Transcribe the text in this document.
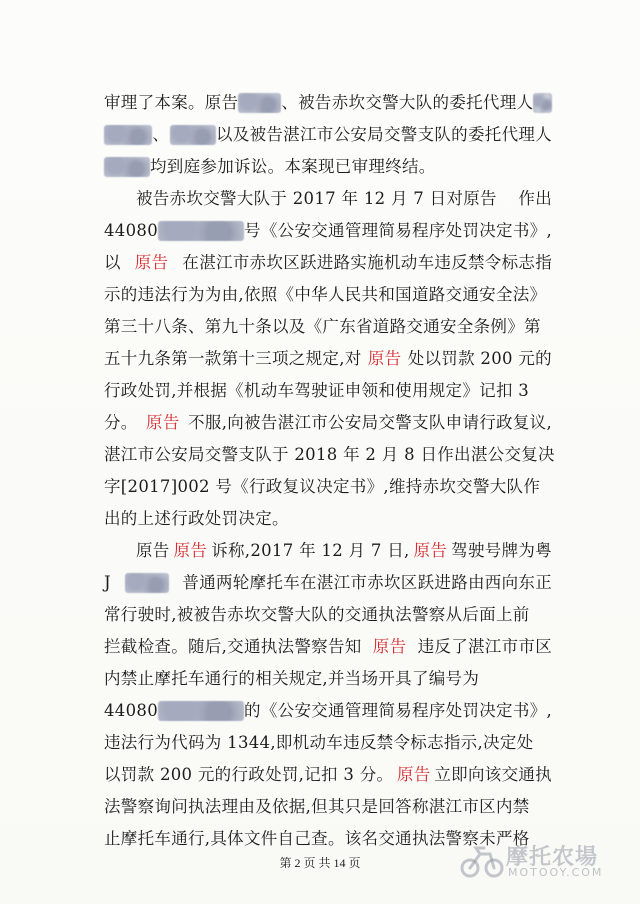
审理了本案。原告	、被告赤坎交警大队的委托代理人
、	以及被告湛江市公安局交警支队的委托代理人
均到庭参加诉讼。本案现已审理终结。
被告赤坎交警大队于 2017 年 12 月 7 日对原告 作出
44080	号《公安交通管理简易程序处罚决定书》,
以 原告 在湛江市赤坎区跃进路实施机动车违反禁令标志指
示的违法行为为由,依照《中华人民共和国道路交通安全法》
第三十八条、第九十条以及《广东省道路交通安全条例》第
五十九条第一款第十三项之规定,对 原告 处以罚款 200 元的
行政处罚,并根据《机动车驾驶证申领和使用规定》记扣 3
分。 原告 不服,向被告湛江市公安局交警支队申请行政复议,
湛江市公安局交警支队于 2018 年 2 月 8 日作出湛公交复决
字[2017]002 号《行政复议决定书》,维持赤坎交警大队作
出的上述行政处罚决定。
原告 原告 诉称,2017 年 12 月 7 日, 原告 驾驶号牌为粤
J	普通两轮摩托车在湛江市赤坎区跃进路由西向东正
常行驶时,被被告赤坎交警大队的交通执法警察从后面上前
拦截检查。随后,交通执法警察告知 原告 违反了湛江市市区
内禁止摩托车通行的相关规定,并当场开具了编号为
44080	的《公安交通管理简易程序处罚决定书》,
违法行为代码为 1344,即机动车违反禁令标志指示,决定处
以罚款 200 元的行政处罚,记扣 3 分。 原告 立即向该交通执
法警察询问执法理由及依据,但其只是回答称湛江市区内禁
止摩托车通行,具体文件自己查。该名交通执法警察未严格
摩托农場
MOTOOY.COM
第 2 页 共 14 页
